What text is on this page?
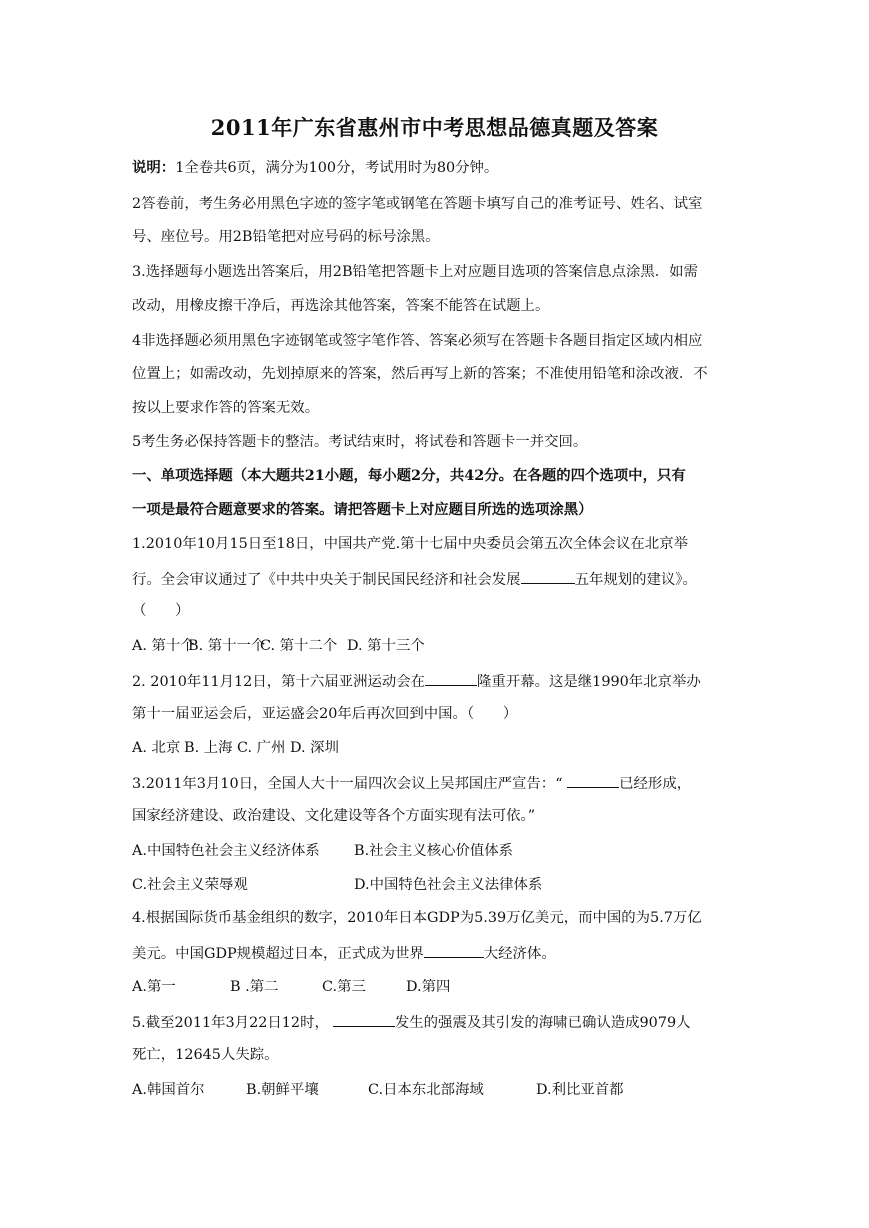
2011年广东省惠州市中考思想品德真题及答案
说明：1全卷共6页，满分为100分，考试用时为80分钟。
2答卷前，考生务必用黑色字迹的签字笔或钢笔在答题卡填写自己的准考证号、姓名、试室
号、座位号。用2B铅笔把对应号码的标号涂黑。
3.选择题每小题选出答案后，用2B铅笔把答题卡上对应题目选项的答案信息点涂黑．如需
改动，用橡皮擦干净后，再选涂其他答案，答案不能答在试题上。
4非选择题必须用黑色字迹钢笔或签字笔作答、答案必须写在答题卡各题目指定区域内相应
位置上；如需改动，先划掉原来的答案，然后再写上新的答案；不准使用铅笔和涂改液．不
按以上要求作答的答案无效。
5考生务必保持答题卡的整洁。考试结束时，将试卷和答题卡一并交回。
一、单项选择题（本大题共21小题，每小题2分，共42分。在各题的四个选项中，只有
一项是最符合题意要求的答案。请把答题卡上对应题目所选的选项涂黑）
1.2010年10月15日至18日，中国共产党.第十七届中央委员会第五次全体会议在北京举
行。全会审议通过了《中共中央关于制民国民经济和社会发展	五年规划的建议》。
（　　）
A. 第十个B. 第十一个C. 第十二个 D. 第十三个
2. 2010年11月12日，第十六届亚洲运动会在	隆重开幕。这是继1990年北京举办
第十一届亚运会后，亚运盛会20年后再次回到中国。（　　）
A. 北京 B. 上海 C. 广州 D. 深圳
3.2011年3月10日，全国人大十一届四次会议上吴邦国庄严宣告：“	已经形成，
国家经济建设、政治建设、文化建设等各个方面实现有法可依。”
A.中国特色社会主义经济体系 B.社会主义核心价值体系
C.社会主义荣辱观	D.中国特色社会主义法律体系
4.根据国际货币基金组织的数字，2010年日本GDP为5.39万亿美元，而中国的为5.7万亿
美元。中国GDP规模超过日本，正式成为世界	大经济体。
A.第一	B .第二	C.第三	D.第四
5.截至2011年3月22日12时，	发生的强震及其引发的海啸已确认造成9079人
死亡，12645人失踪。
A.韩国首尔	B.朝鲜平壤	C.日本东北部海域	D.利比亚首都
